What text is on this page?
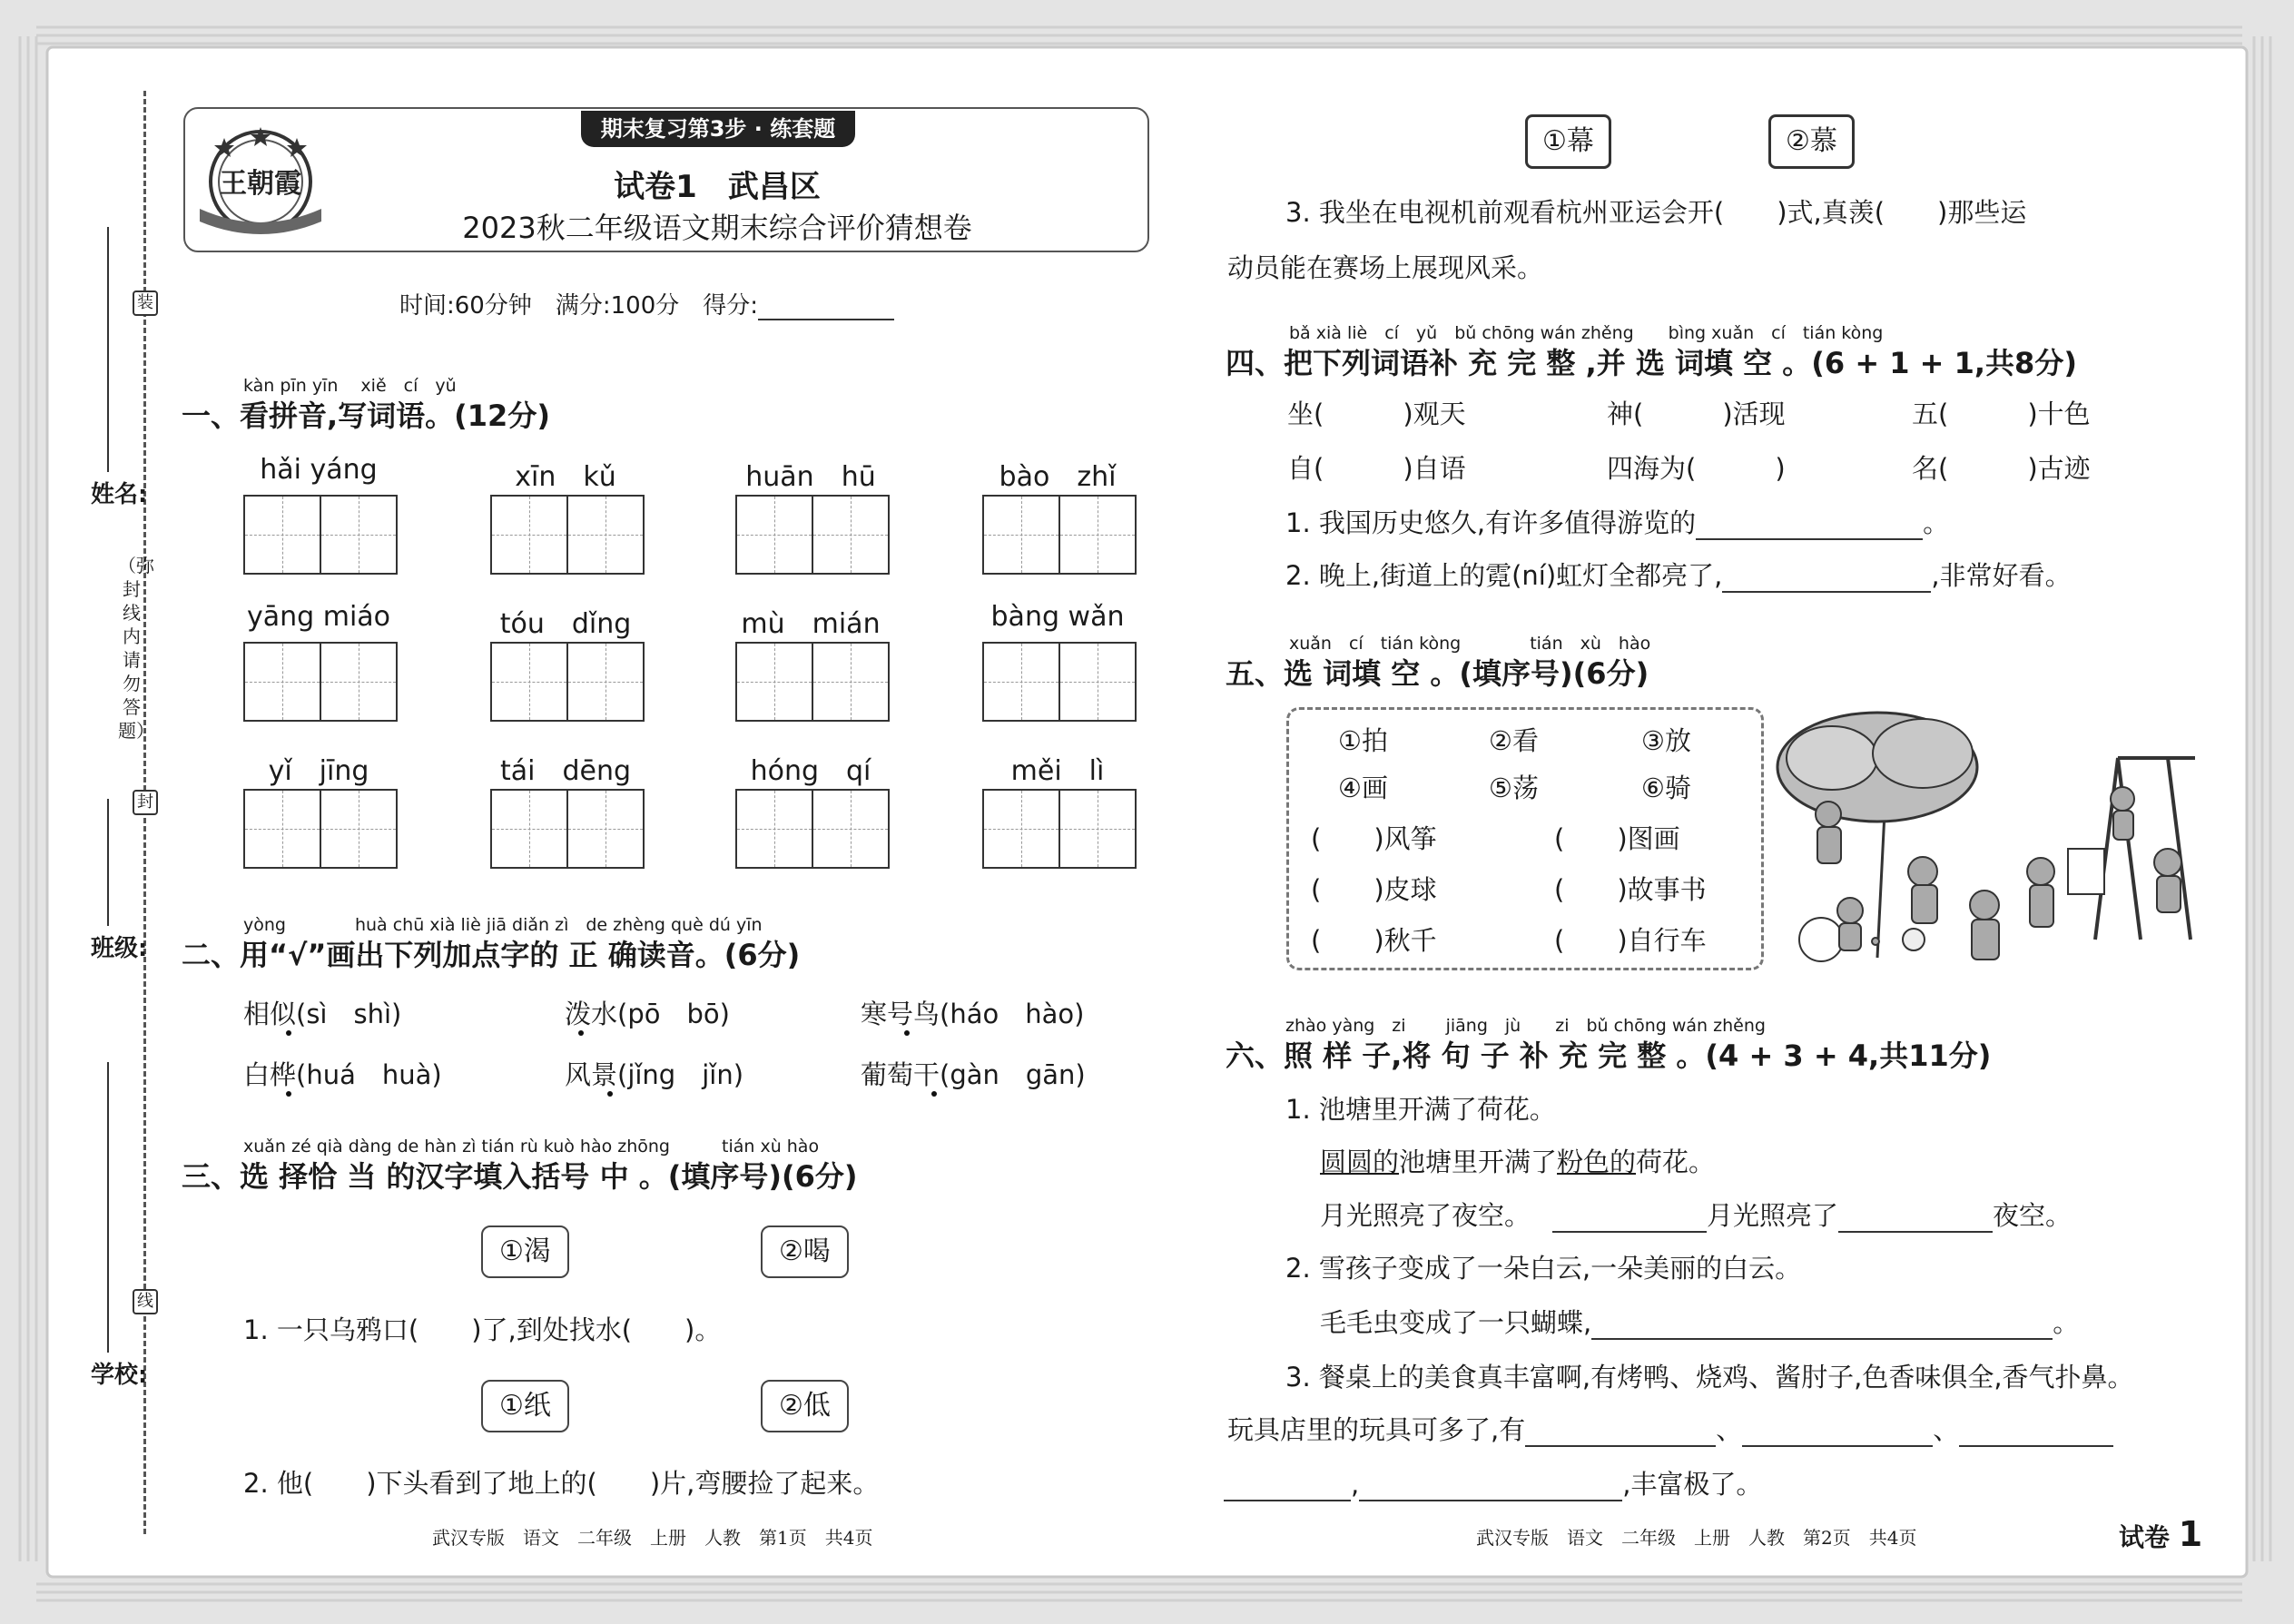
姓名:
班级:
学校:
装
封
线
（弥封线内请勿答题）
期末复习第3步 · 练套题
王朝霞	试卷1　武昌区
2023秋二年级语文期末综合评价猜想卷
时间:60分钟　满分:100分　得分:
kàn pīn yīn　 xiě　cí　yǔ
一、看拼音,写词语。(12分)
hǎi yáng	xīn　kǔ	huān　hū	bào　zhǐ
yāng miáo	tóu　dǐng	mù　mián	bàng wǎn
yǐ　jīng	tái　dēng	hóng　qí	měi　lì
yòng　　　　huà chū xià liè jiā diǎn zì　de zhèng què dú yīn
二、用“√”画出下列加点字的 正 确读音。(6分)
相似(sì　shì)	泼水(pō　bō)	寒号鸟(háo　hào)
白桦(huá　huà)	风景(jǐng　jǐn)	葡萄干(gàn　gān)
xuǎn zé qià dàng de hàn zì tián rù kuò hào zhōng　　　tián xù hào
三、选 择恰 当 的汉字填入括号 中 。(填序号)(6分)
①渴	②喝
1. 一只乌鸦口(　　)了,到处找水(　　)。
①纸	②低
2. 他(　　)下头看到了地上的(　　)片,弯腰捡了起来。
①幕	②慕
3. 我坐在电视机前观看杭州亚运会开(　　)式,真羡(　　)那些运
动员能在赛场上展现风采。
bǎ xià liè　cí　yǔ　bǔ chōng wán zhěng　　bìng xuǎn　cí　tián kòng
四、把下列词语补 充 完 整 ,并 选 词填 空 。(6 + 1 + 1,共8分)
坐(　　　)观天	神(　　　)活现	五(　　　)十色
自(　　　)自语	四海为(　　　)	名(　　　)古迹
1. 我国历史悠久,有许多值得游览的	。
2. 晚上,街道上的霓(ní)虹灯全都亮了,	,非常好看。
xuǎn　cí　tián kòng　　　　tián　xù　hào
五、选 词填 空 。(填序号)(6分)
①拍	②看	③放
④画	⑤荡	⑥骑
(　　)风筝	(　　)图画
(　　)皮球	(　　)故事书
(　　)秋千	(　　)自行车
zhào yàng　zi　　 jiāng　jù　　zi　bǔ chōng wán zhěng
六、照 样 子,将 句 子 补 充 完 整 。(4 + 3 + 4,共11分)
1. 池塘里开满了荷花。
圆圆的池塘里开满了粉色的荷花。
月光照亮了夜空。	月光照亮了	夜空。
2. 雪孩子变成了一朵白云,一朵美丽的白云。
毛毛虫变成了一只蝴蝶,	。
3. 餐桌上的美食真丰富啊,有烤鸭、烧鸡、酱肘子,色香味俱全,香气扑鼻。
玩具店里的玩具可多了,有	、	、
,	,丰富极了。
武汉专版　语文　二年级　上册　人教　第1页　共4页	武汉专版　语文　二年级　上册　人教　第2页　共4页	试卷 1
